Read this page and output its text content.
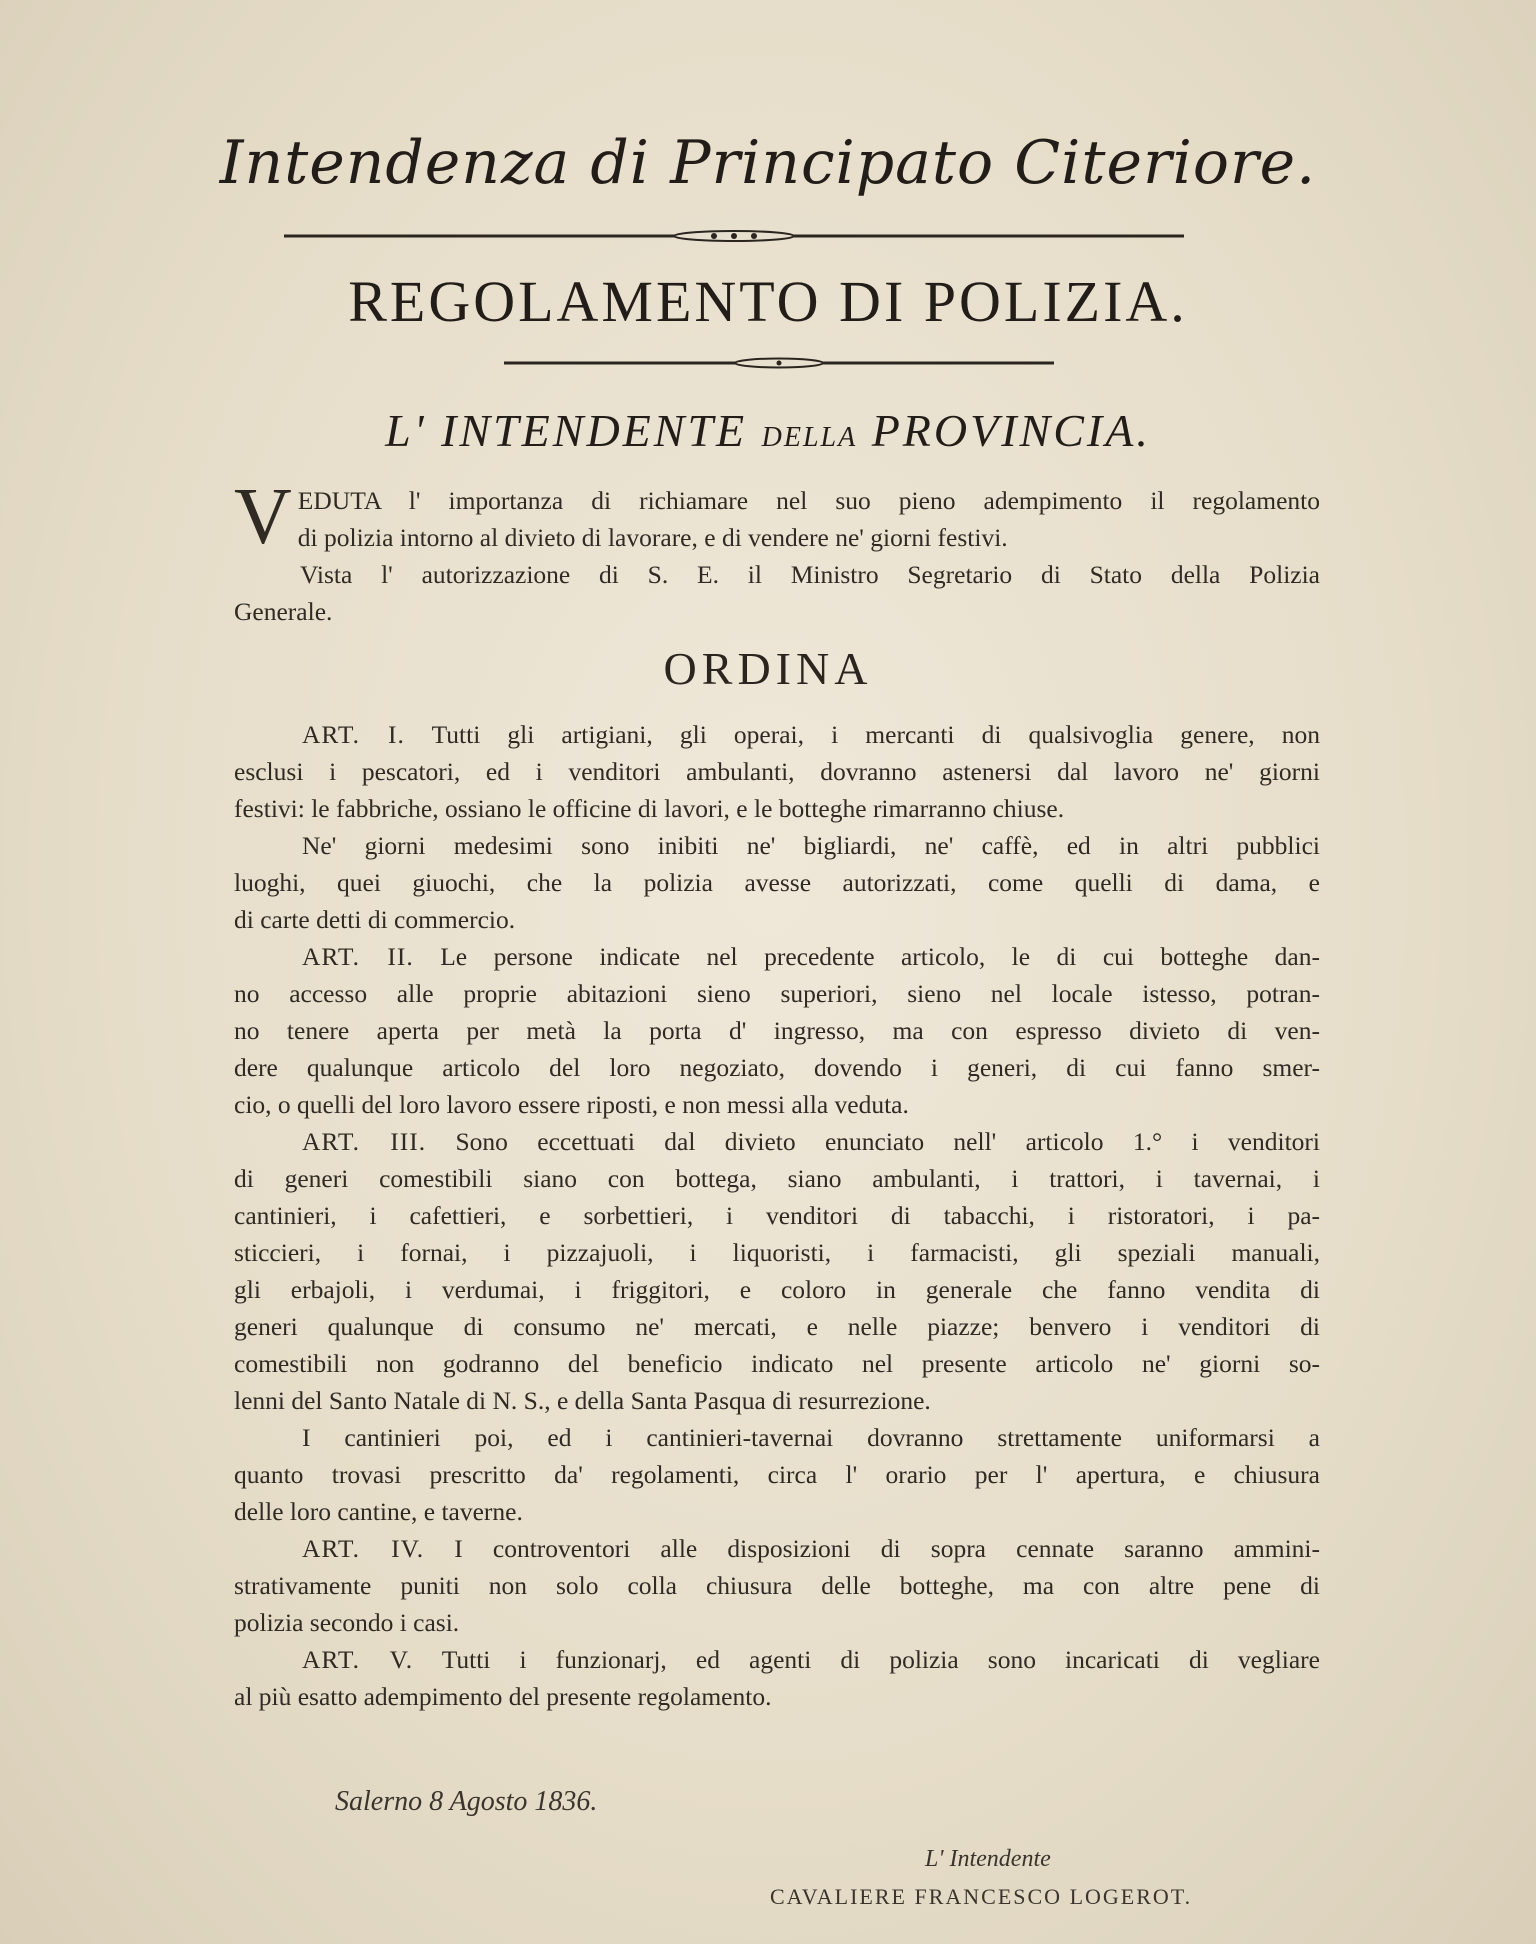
Intendenza di Principato Citeriore.
REGOLAMENTO DI POLIZIA.
L' INTENDENTE DELLA PROVINCIA.
V EDUTA l' importanza di richiamare nel suo pieno adempimento il regolamento
di polizia intorno al divieto di lavorare, e di vendere ne' giorni festivi.
Vista l' autorizzazione di S. E. il Ministro Segretario di Stato della Polizia
Generale.
ORDINA
ART. I. Tutti gli artigiani, gli operai, i mercanti di qualsivoglia genere, non
esclusi i pescatori, ed i venditori ambulanti, dovranno astenersi dal lavoro ne' giorni
festivi: le fabbriche, ossiano le officine di lavori, e le botteghe rimarranno chiuse.
Ne' giorni medesimi sono inibiti ne' bigliardi, ne' caffè, ed in altri pubblici
luoghi, quei giuochi, che la polizia avesse autorizzati, come quelli di dama, e
di carte detti di commercio.
ART. II. Le persone indicate nel precedente articolo, le di cui botteghe dan-
no accesso alle proprie abitazioni sieno superiori, sieno nel locale istesso, potran-
no tenere aperta per metà la porta d' ingresso, ma con espresso divieto di ven-
dere qualunque articolo del loro negoziato, dovendo i generi, di cui fanno smer-
cio, o quelli del loro lavoro essere riposti, e non messi alla veduta.
ART. III. Sono eccettuati dal divieto enunciato nell' articolo 1.° i venditori
di generi comestibili siano con bottega, siano ambulanti, i trattori, i tavernai, i
cantinieri, i cafettieri, e sorbettieri, i venditori di tabacchi, i ristoratori, i pa-
sticcieri, i fornai, i pizzajuoli, i liquoristi, i farmacisti, gli speziali manuali,
gli erbajoli, i verdumai, i friggitori, e coloro in generale che fanno vendita di
generi qualunque di consumo ne' mercati, e nelle piazze; benvero i venditori di
comestibili non godranno del beneficio indicato nel presente articolo ne' giorni so-
lenni del Santo Natale di N. S., e della Santa Pasqua di resurrezione.
I cantinieri poi, ed i cantinieri-tavernai dovranno strettamente uniformarsi a
quanto trovasi prescritto da' regolamenti, circa l' orario per l' apertura, e chiusura
delle loro cantine, e taverne.
ART. IV. I controventori alle disposizioni di sopra cennate saranno ammini-
strativamente puniti non solo colla chiusura delle botteghe, ma con altre pene di
polizia secondo i casi.
ART. V. Tutti i funzionarj, ed agenti di polizia sono incaricati di vegliare
al più esatto adempimento del presente regolamento.
Salerno 8 Agosto 1836.
L' Intendente
CAVALIERE FRANCESCO LOGEROT.
